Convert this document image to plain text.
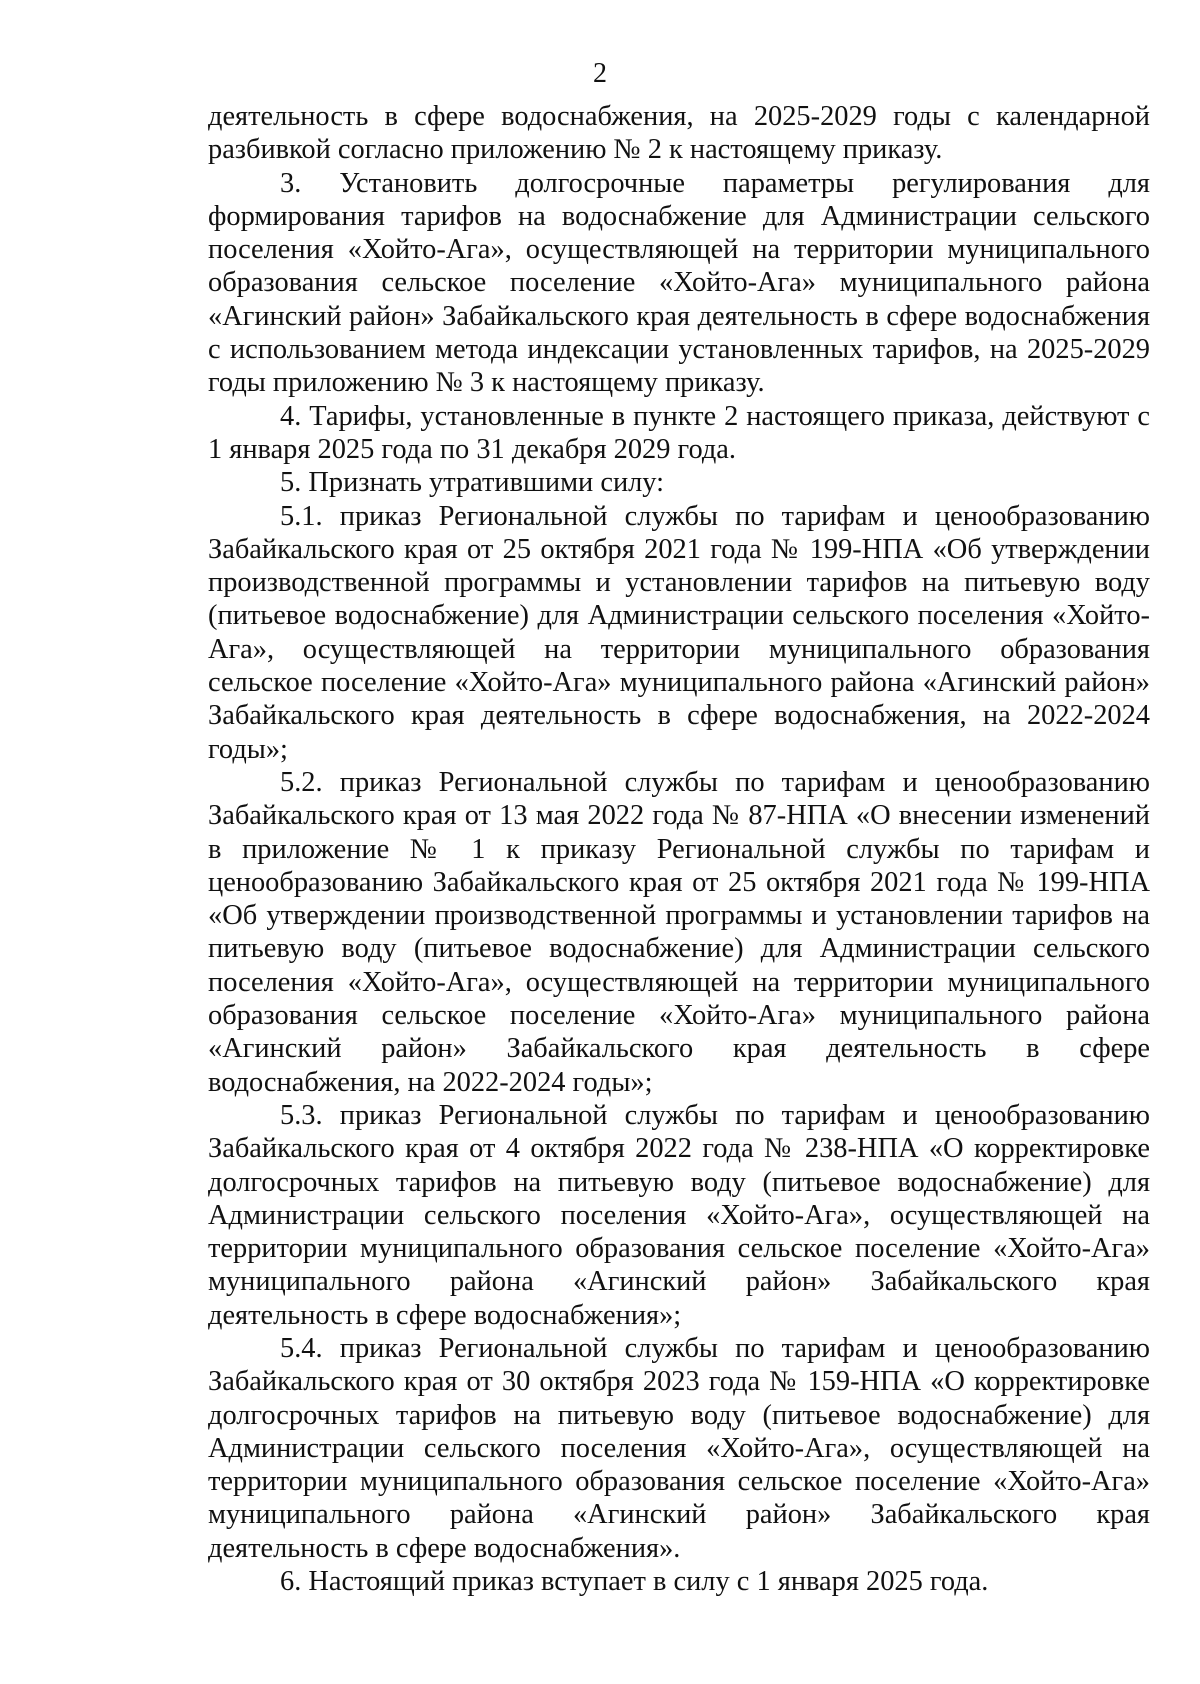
2

деятельность в сфере водоснабжения, на 2025-2029 годы с календарной разбивкой согласно приложению № 2 к настоящему приказу.

3. Установить долгосрочные параметры регулирования для формирования тарифов на водоснабжение для Администрации сельского поселения «Хойто-Ага», осуществляющей на территории муниципального образования сельское поселение «Хойто-Ага» муниципального района «Агинский район» Забайкальского края деятельность в сфере водоснабжения с использованием метода индексации установленных тарифов, на 2025-2029 годы приложению № 3 к настоящему приказу.

4. Тарифы, установленные в пункте 2 настоящего приказа, действуют с 1 января 2025 года по 31 декабря 2029 года.

5. Признать утратившими силу:

5.1. приказ Региональной службы по тарифам и ценообразованию Забайкальского края от 25 октября 2021 года № 199-НПА «Об утверждении производственной программы и установлении тарифов на питьевую воду (питьевое водоснабжение) для Администрации сельского поселения «Хойто-Ага», осуществляющей на территории муниципального образования сельское поселение «Хойто-Ага» муниципального района «Агинский район» Забайкальского края деятельность в сфере водоснабжения, на 2022-2024 годы»;

5.2. приказ Региональной службы по тарифам и ценообразованию Забайкальского края от 13 мая 2022 года № 87-НПА «О внесении изменений в приложение № 1 к приказу Региональной службы по тарифам и ценообразованию Забайкальского края от 25 октября 2021 года № 199-НПА «Об утверждении производственной программы и установлении тарифов на питьевую воду (питьевое водоснабжение) для Администрации сельского поселения «Хойто-Ага», осуществляющей на территории муниципального образования сельское поселение «Хойто-Ага» муниципального района «Агинский район» Забайкальского края деятельность в сфере водоснабжения, на 2022-2024 годы»;

5.3. приказ Региональной службы по тарифам и ценообразованию Забайкальского края от 4 октября 2022 года № 238-НПА «О корректировке долгосрочных тарифов на питьевую воду (питьевое водоснабжение) для Администрации сельского поселения «Хойто-Ага», осуществляющей на территории муниципального образования сельское поселение «Хойто-Ага» муниципального района «Агинский район» Забайкальского края деятельность в сфере водоснабжения»;

5.4. приказ Региональной службы по тарифам и ценообразованию Забайкальского края от 30 октября 2023 года № 159-НПА «О корректировке долгосрочных тарифов на питьевую воду (питьевое водоснабжение) для Администрации сельского поселения «Хойто-Ага», осуществляющей на территории муниципального образования сельское поселение «Хойто-Ага» муниципального района «Агинский район» Забайкальского края деятельность в сфере водоснабжения».

6. Настоящий приказ вступает в силу с 1 января 2025 года.
